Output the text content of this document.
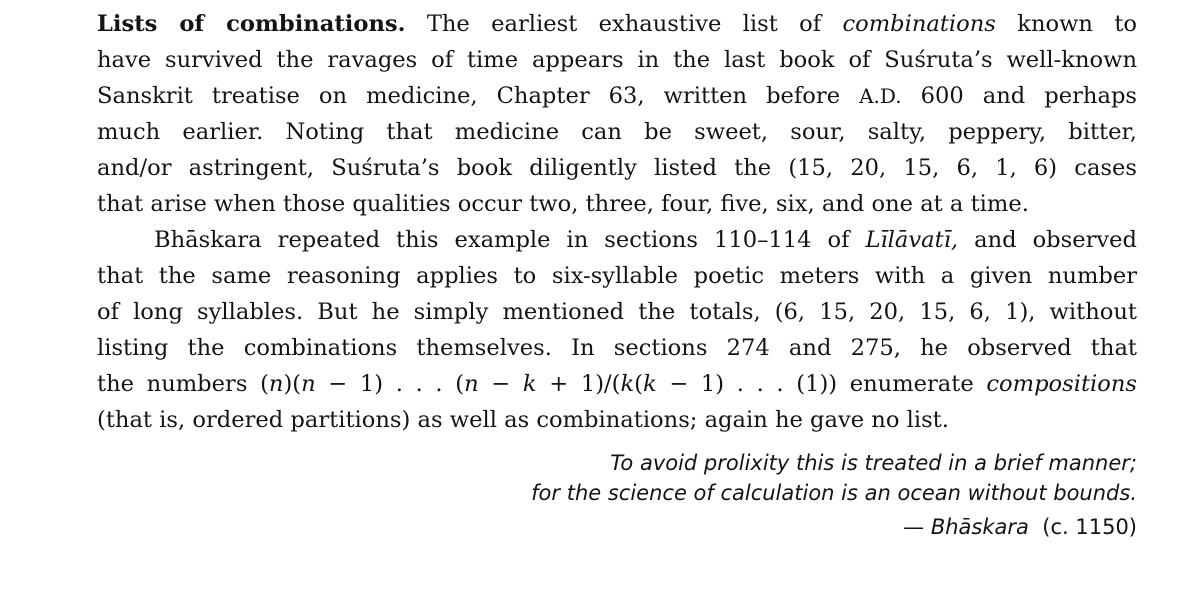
Lists of combinations. The earliest exhaustive list of combinations known to
have survived the ravages of time appears in the last book of Suśruta’s well-known
Sanskrit treatise on medicine, Chapter 63, written before A.D. 600 and perhaps
much earlier. Noting that medicine can be sweet, sour, salty, peppery, bitter,
and/or astringent, Suśruta’s book diligently listed the (15, 20, 15, 6, 1, 6) cases
that arise when those qualities occur two, three, four, five, six, and one at a time.
Bhāskara repeated this example in sections 110–114 of Līlāvatī, and observed
that the same reasoning applies to six-syllable poetic meters with a given number
of long syllables. But he simply mentioned the totals, (6, 15, 20, 15, 6, 1), without
listing the combinations themselves. In sections 274 and 275, he observed that
the numbers (n)(n − 1) . . . (n − k + 1)/(k(k − 1) . . . (1)) enumerate compositions
(that is, ordered partitions) as well as combinations; again he gave no list.
To avoid prolixity this is treated in a brief manner;
for the science of calculation is an ocean without bounds.
— Bhāskara (c. 1150)
